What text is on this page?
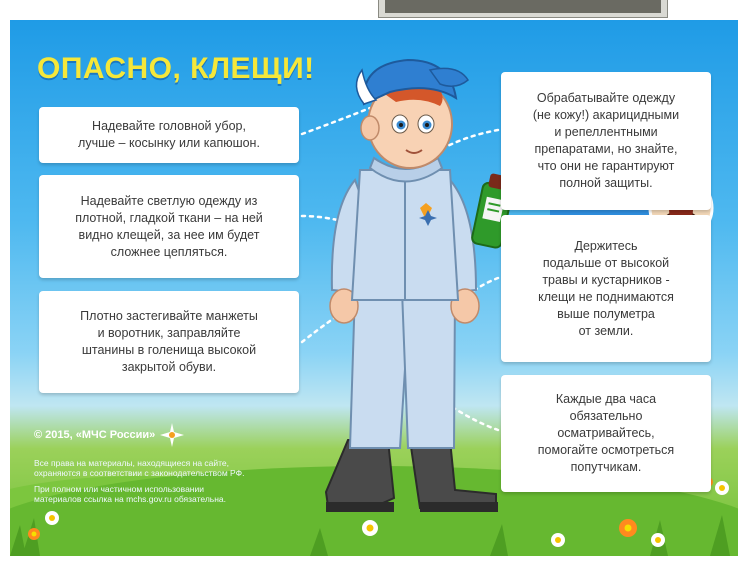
ОПАСНО, КЛЕЩИ!
Надевайте головной убор,
лучше – косынку или капюшон.
Надевайте светлую одежду из
плотной, гладкой ткани – на ней
видно клещей, за нее им будет
сложнее цепляться.
Плотно застегивайте манжеты
и воротник, заправляйте
штанины в голенища высокой
закрытой обуви.
Обрабатывайте одежду
(не кожу!) акарицидными
и репеллентными
препаратами, но знайте,
что они не гарантируют
полной защиты.
Держитесь
подальше от высокой
травы и кустарников -
клещи не поднимаются
выше полуметра
от земли.
Каждые два часа
обязательно
осматривайтесь,
помогайте осмотреться
попутчикам.
© 2015, «МЧС России»

Все права на материалы, находящиеся на сайте,
охраняются в соответствии с законодательством РФ.

При полном или частичном использовании
материалов ссылка на mchs.gov.ru обязательна.
